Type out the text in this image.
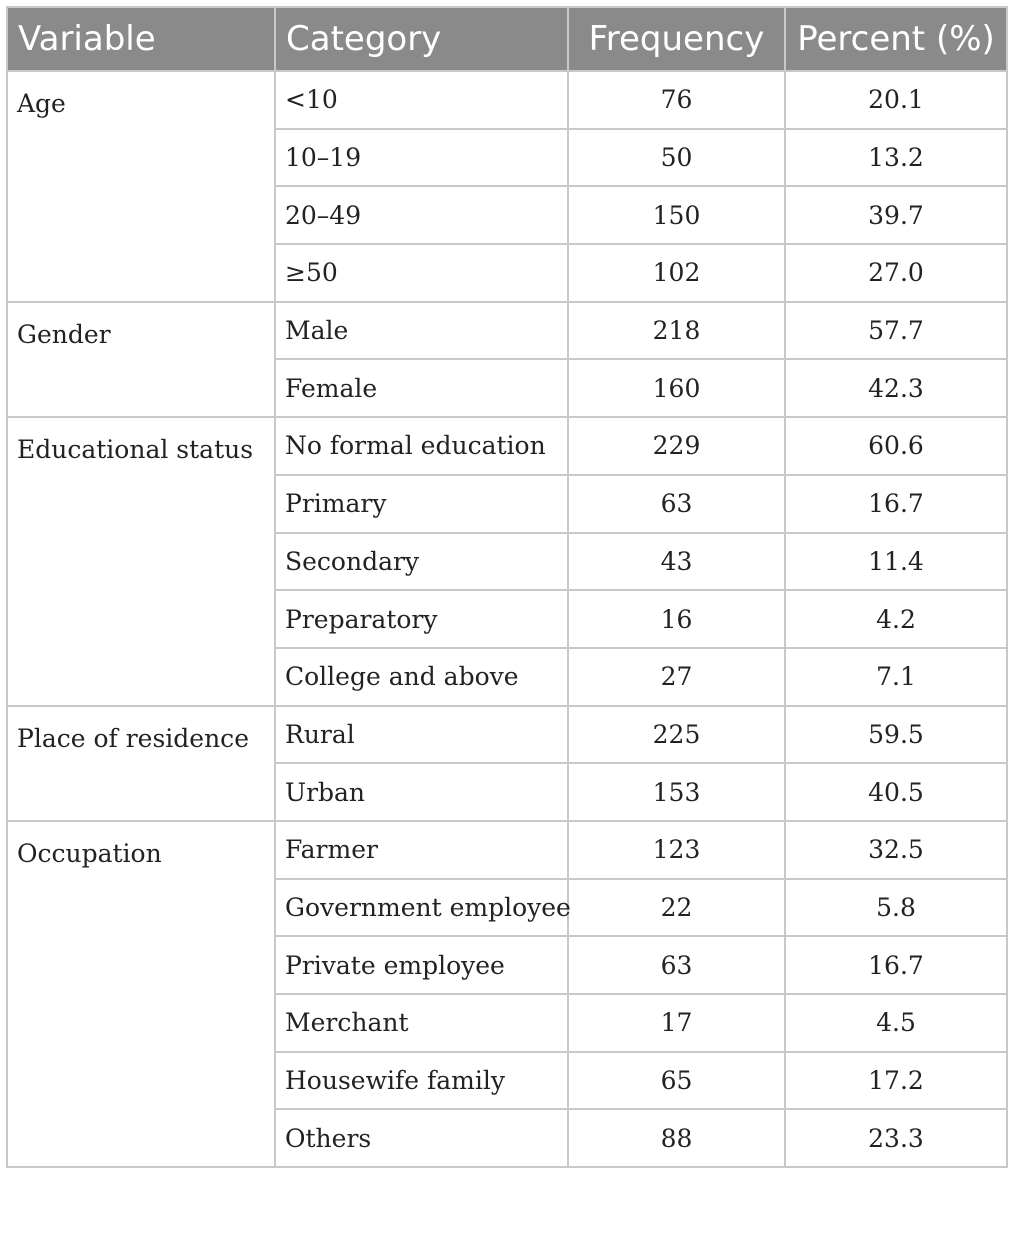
Variable	Category	Frequency	Percent (%)
Age	<10	76	20.1
	10–19	50	13.2
	20–49	150	39.7
	≥50	102	27.0
Gender	Male	218	57.7
	Female	160	42.3
Educational status	No formal education	229	60.6
	Primary	63	16.7
	Secondary	43	11.4
	Preparatory	16	4.2
	College and above	27	7.1
Place of residence	Rural	225	59.5
	Urban	153	40.5
Occupation	Farmer	123	32.5
	Government employee	22	5.8
	Private employee	63	16.7
	Merchant	17	4.5
	Housewife family	65	17.2
	Others	88	23.3
